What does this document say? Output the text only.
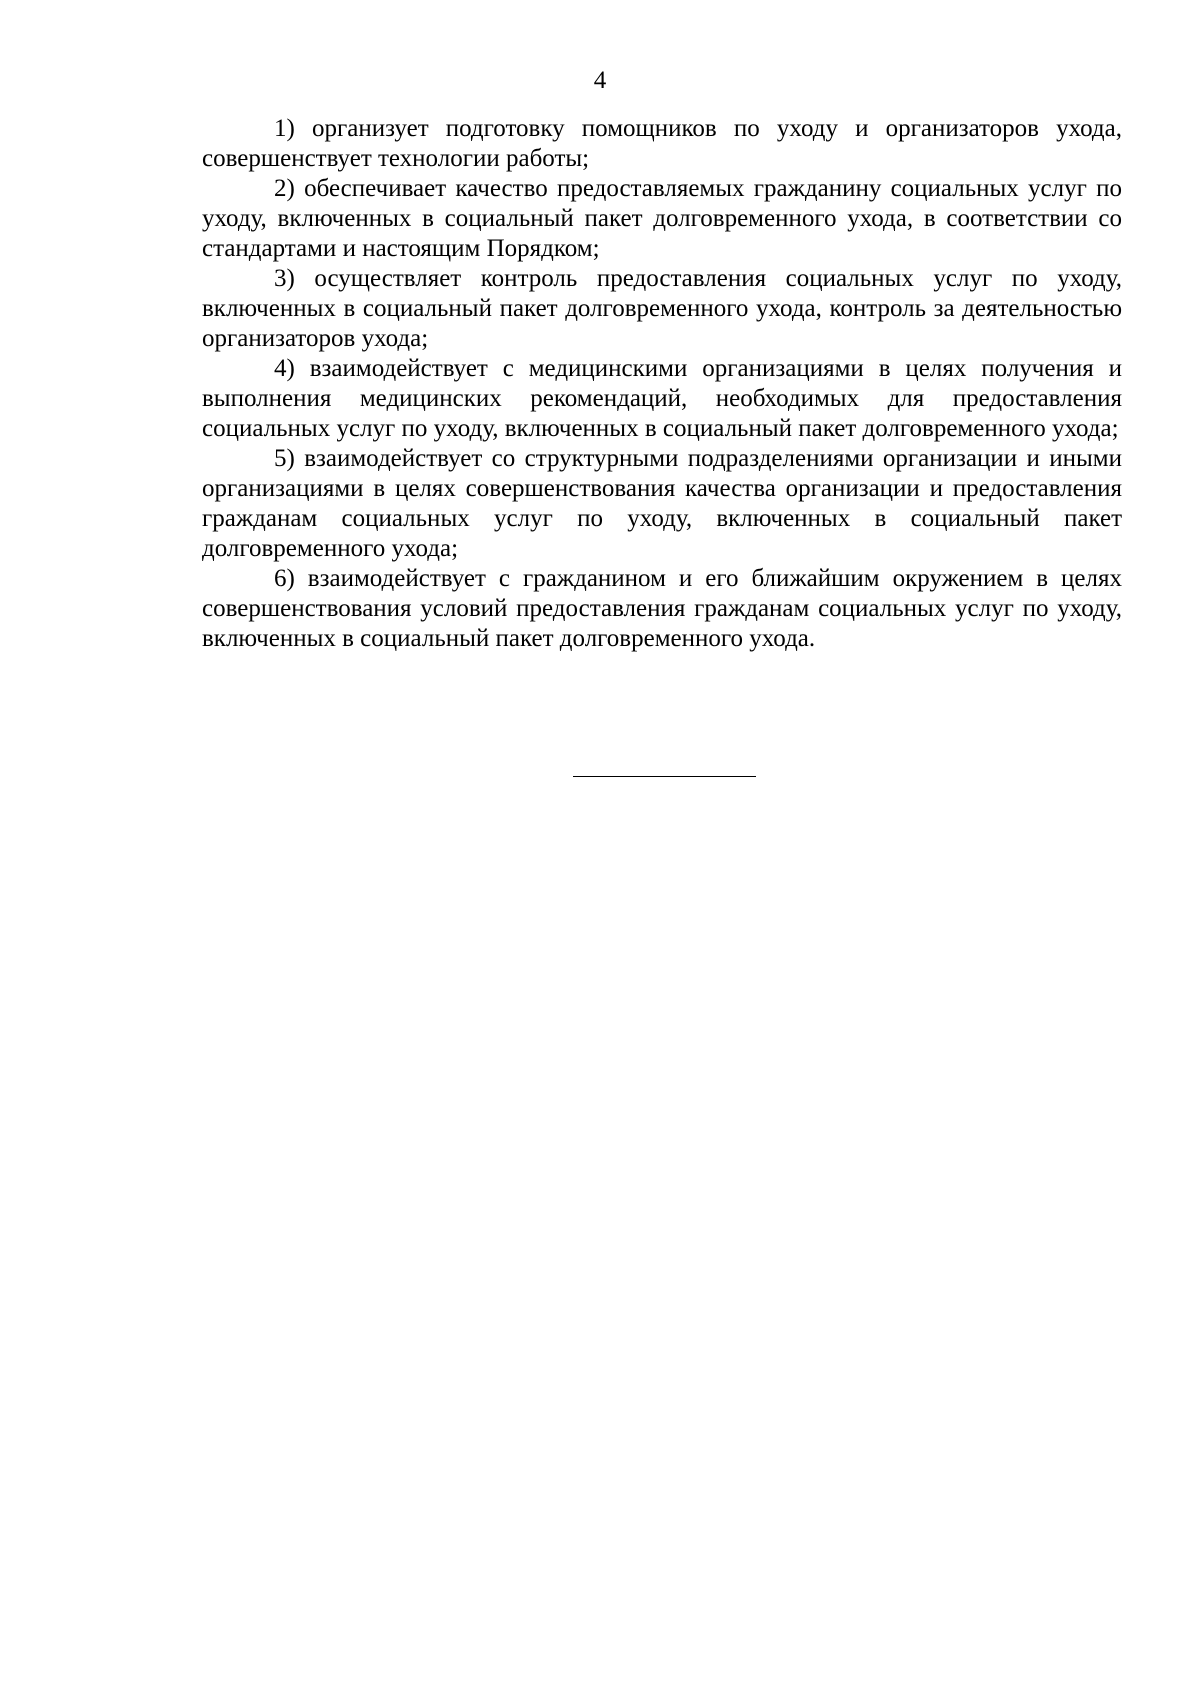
4

1) организует подготовку помощников по уходу и организаторов ухода, совершенствует технологии работы;

2) обеспечивает качество предоставляемых гражданину социальных услуг по уходу, включенных в социальный пакет долговременного ухода, в соответствии со стандартами и настоящим Порядком;

3) осуществляет контроль предоставления социальных услуг по уходу, включенных в социальный пакет долговременного ухода, контроль за деятельностью организаторов ухода;

4) взаимодействует с медицинскими организациями в целях получения и выполнения медицинских рекомендаций, необходимых для предоставления социальных услуг по уходу, включенных в социальный пакет долговременного ухода;

5) взаимодействует со структурными подразделениями организации и иными организациями в целях совершенствования качества организации и предоставления гражданам социальных услуг по уходу, включенных в социальный пакет долговременного ухода;

6) взаимодействует с гражданином и его ближайшим окружением в целях совершенствования условий предоставления гражданам социальных услуг по уходу, включенных в социальный пакет долговременного ухода.
